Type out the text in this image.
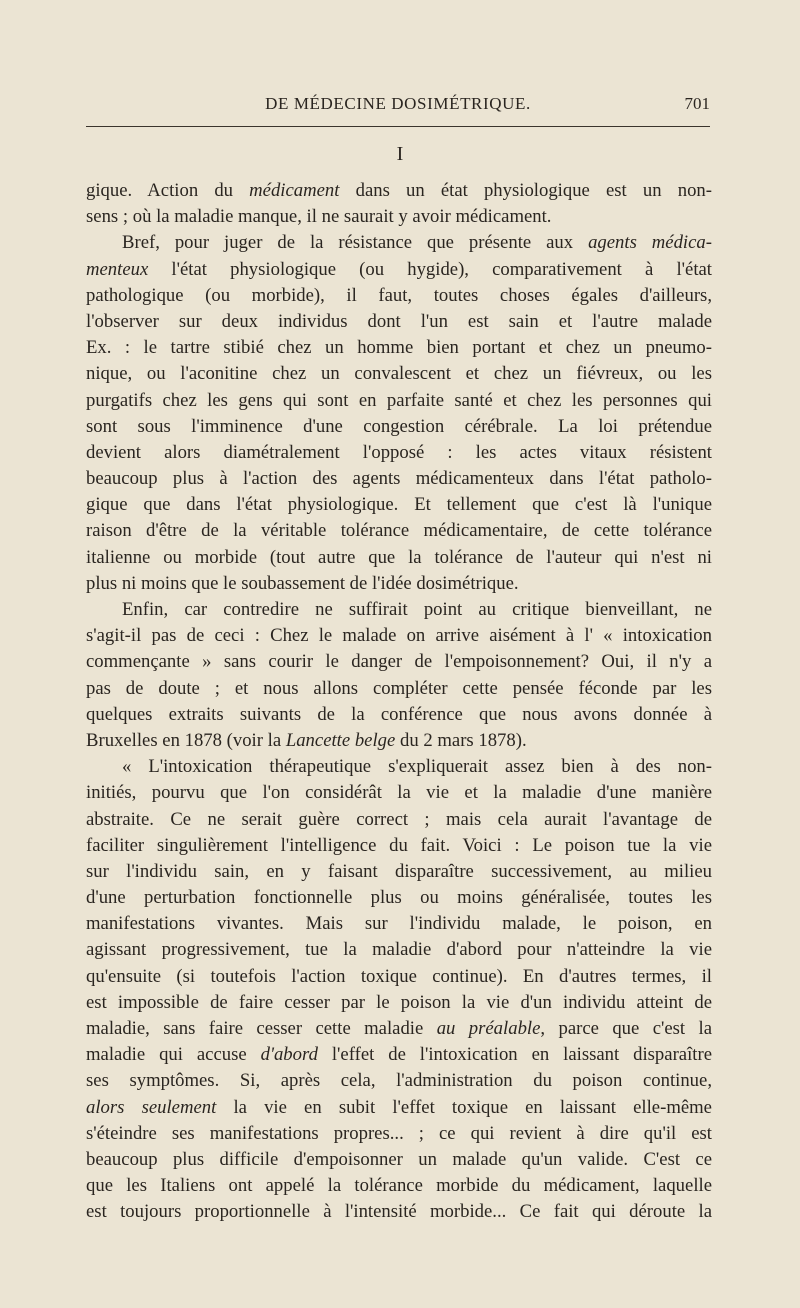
DE MÉDECINE DOSIMÉTRIQUE.	701
I
gique. Action du médicament dans un état physiologique est un non-
sens ; où la maladie manque, il ne saurait y avoir médicament.
Bref, pour juger de la résistance que présente aux agents médica-
menteux l'état physiologique (ou hygide), comparativement à l'état
pathologique (ou morbide), il faut, toutes choses égales d'ailleurs,
l'observer sur deux individus dont l'un est sain et l'autre malade
Ex. : le tartre stibié chez un homme bien portant et chez un pneumo-
nique, ou l'aconitine chez un convalescent et chez un fiévreux, ou les
purgatifs chez les gens qui sont en parfaite santé et chez les personnes qui
sont sous l'imminence d'une congestion cérébrale. La loi prétendue
devient alors diamétralement l'opposé : les actes vitaux résistent
beaucoup plus à l'action des agents médicamenteux dans l'état patholo-
gique que dans l'état physiologique. Et tellement que c'est là l'unique
raison d'être de la véritable tolérance médicamentaire, de cette tolérance
italienne ou morbide (tout autre que la tolérance de l'auteur qui n'est ni
plus ni moins que le soubassement de l'idée dosimétrique.
Enfin, car contredire ne suffirait point au critique bienveillant, ne
s'agit-il pas de ceci : Chez le malade on arrive aisément à l' « intoxication
commençante » sans courir le danger de l'empoisonnement? Oui, il n'y a
pas de doute ; et nous allons compléter cette pensée féconde par les
quelques extraits suivants de la conférence que nous avons donnée à
Bruxelles en 1878 (voir la Lancette belge du 2 mars 1878).
« L'intoxication thérapeutique s'expliquerait assez bien à des non-
initiés, pourvu que l'on considérât la vie et la maladie d'une manière
abstraite. Ce ne serait guère correct ; mais cela aurait l'avantage de
faciliter singulièrement l'intelligence du fait. Voici : Le poison tue la vie
sur l'individu sain, en y faisant disparaître successivement, au milieu
d'une perturbation fonctionnelle plus ou moins généralisée, toutes les
manifestations vivantes. Mais sur l'individu malade, le poison, en
agissant progressivement, tue la maladie d'abord pour n'atteindre la vie
qu'ensuite (si toutefois l'action toxique continue). En d'autres termes, il
est impossible de faire cesser par le poison la vie d'un individu atteint de
maladie, sans faire cesser cette maladie au préalable, parce que c'est la
maladie qui accuse d'abord l'effet de l'intoxication en laissant disparaître
ses symptômes. Si, après cela, l'administration du poison continue,
alors seulement la vie en subit l'effet toxique en laissant elle-même
s'éteindre ses manifestations propres... ; ce qui revient à dire qu'il est
beaucoup plus difficile d'empoisonner un malade qu'un valide. C'est ce
que les Italiens ont appelé la tolérance morbide du médicament, laquelle
est toujours proportionnelle à l'intensité morbide... Ce fait qui déroute la
